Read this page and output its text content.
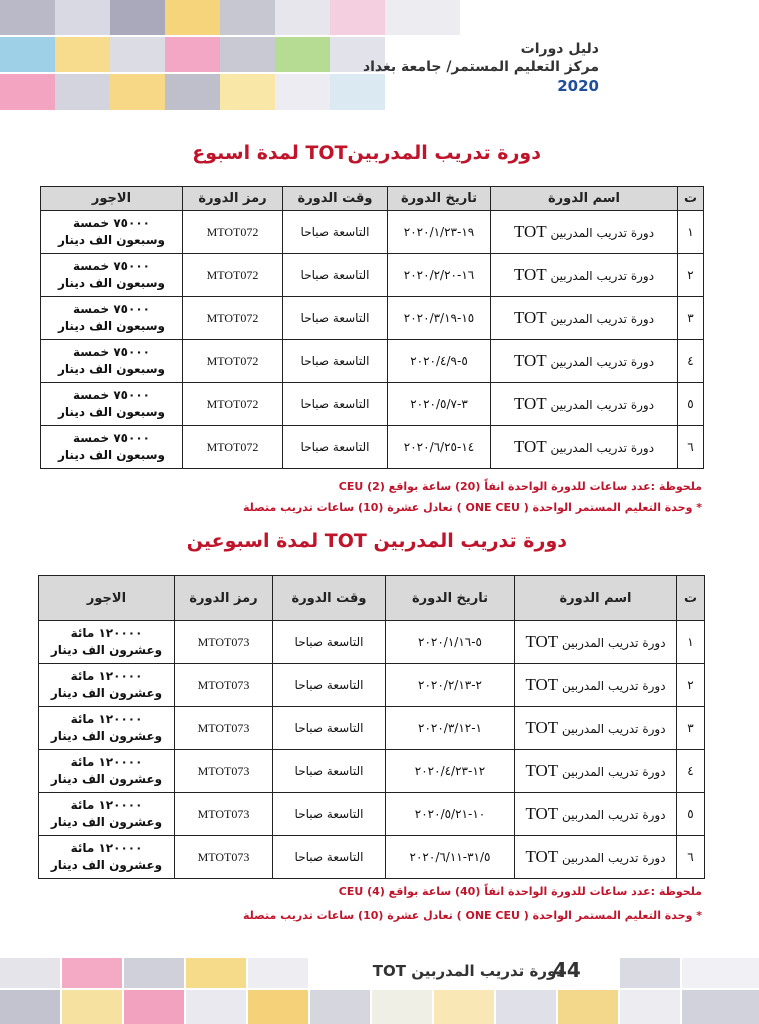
دليل دورات
مركز التعليم المستمر/ جامعة بغداد
2020
دورة تدريب المدربينTOT لمدة اسبوع
ت	اسم الدورة	تاريخ الدورة	وقت الدورة	رمز الدورة	الاجور
١	دورة تدريب المدربين TOT	١٩-٢٠٢٠/١/٢٣	التاسعة صباحا	MTOT072	٧٥٠٠٠ خمسة
وسبعون الف دينار

٢	دورة تدريب المدربين TOT	١٦-٢٠٢٠/٢/٢٠	التاسعة صباحا	MTOT072	٧٥٠٠٠ خمسة
وسبعون الف دينار

٣	دورة تدريب المدربين TOT	١٥-٢٠٢٠/٣/١٩	التاسعة صباحا	MTOT072	٧٥٠٠٠ خمسة
وسبعون الف دينار

٤	دورة تدريب المدربين TOT	٥-٢٠٢٠/٤/٩	التاسعة صباحا	MTOT072	٧٥٠٠٠ خمسة
وسبعون الف دينار

٥	دورة تدريب المدربين TOT	٣-٢٠٢٠/٥/٧	التاسعة صباحا	MTOT072	٧٥٠٠٠ خمسة
وسبعون الف دينار

٦	دورة تدريب المدربين TOT	١٤-٢٠٢٠/٦/٢٥	التاسعة صباحا	MTOT072	٧٥٠٠٠ خمسة
وسبعون الف دينار
ملحوظة :عدد ساعات للدورة الواحدة انفاً (20) ساعة بواقع (2) CEU
* وحدة التعليم المستمر الواحدة ( ONE CEU ) تعادل عشرة (10) ساعات تدريب متصلة
دورة تدريب المدربين TOT لمدة اسبوعين
ت	اسم الدورة	تاريخ الدورة	وقت الدورة	رمز الدورة	الاجور
١	دورة تدريب المدربين TOT	٥-٢٠٢٠/١/١٦	التاسعة صباحا	MTOT073	١٢٠٠٠٠ مائة
وعشرون الف دينار

٢	دورة تدريب المدربين TOT	٢-٢٠٢٠/٢/١٣	التاسعة صباحا	MTOT073	١٢٠٠٠٠ مائة
وعشرون الف دينار

٣	دورة تدريب المدربين TOT	١-٢٠٢٠/٣/١٢	التاسعة صباحا	MTOT073	١٢٠٠٠٠ مائة
وعشرون الف دينار

٤	دورة تدريب المدربين TOT	١٢-٢٠٢٠/٤/٢٣	التاسعة صباحا	MTOT073	١٢٠٠٠٠ مائة
وعشرون الف دينار

٥	دورة تدريب المدربين TOT	١٠-٢٠٢٠/٥/٢١	التاسعة صباحا	MTOT073	١٢٠٠٠٠ مائة
وعشرون الف دينار

٦	دورة تدريب المدربين TOT	٣١/٥-٢٠٢٠/٦/١١	التاسعة صباحا	MTOT073	١٢٠٠٠٠ مائة
وعشرون الف دينار
ملحوظة :عدد ساعات للدورة الواحدة انفاً (40) ساعة بواقع (4) CEU
* وحدة التعليم المستمر الواحدة ( ONE CEU ) تعادل عشرة (10) ساعات تدريب متصلة
دورة تدريب المدربين TOT
44
